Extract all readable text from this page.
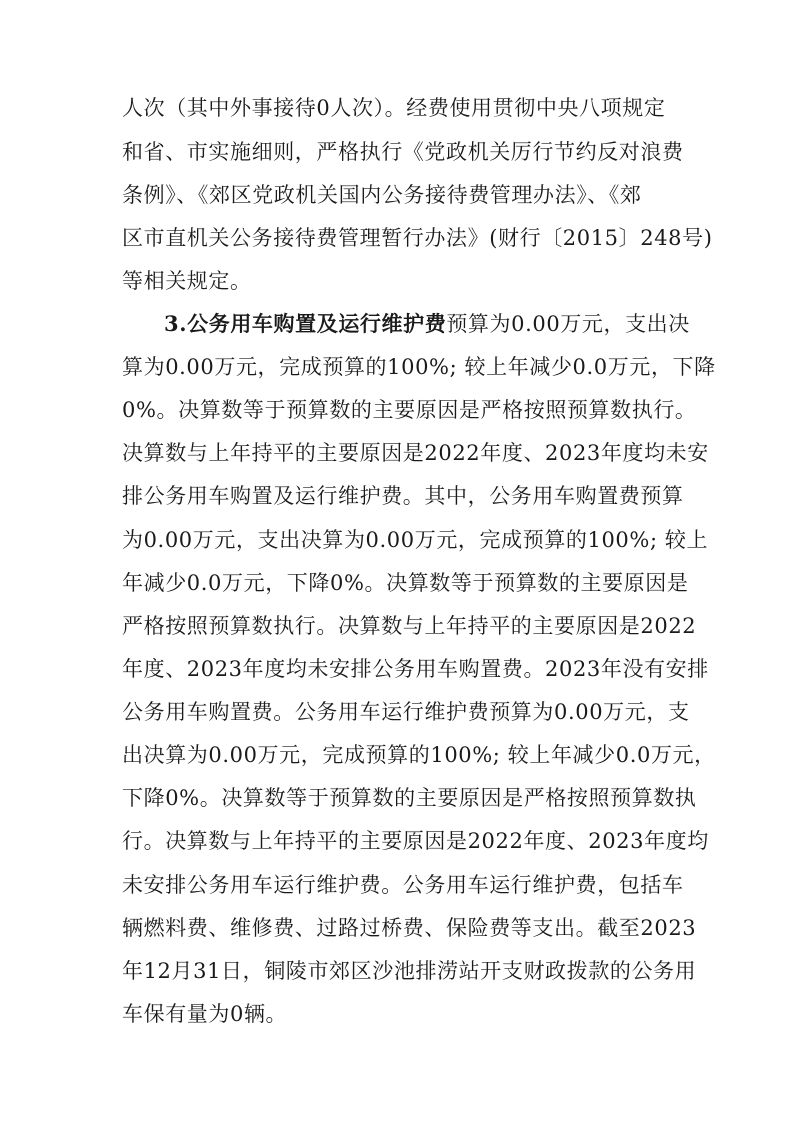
人次（其中外事接待0人次）。经费使用贯彻中央八项规定
和省、市实施细则，严格执行《党政机关厉行节约反对浪费
条例》、《郊区党政机关国内公务接待费管理办法》、《郊
区市直机关公务接待费管理暂行办法》(财行〔2015〕248号)
等相关规定。
3.公务用车购置及运行维护费预算为0.00万元，支出决
算为0.00万元，完成预算的100%; 较上年减少0.0万元，下降
0%。决算数等于预算数的主要原因是严格按照预算数执行。
决算数与上年持平的主要原因是2022年度、2023年度均未安
排公务用车购置及运行维护费。其中，公务用车购置费预算
为0.00万元，支出决算为0.00万元，完成预算的100%; 较上
年减少0.0万元，下降0%。决算数等于预算数的主要原因是
严格按照预算数执行。决算数与上年持平的主要原因是2022
年度、2023年度均未安排公务用车购置费。2023年没有安排
公务用车购置费。公务用车运行维护费预算为0.00万元，支
出决算为0.00万元，完成预算的100%; 较上年减少0.0万元，
下降0%。决算数等于预算数的主要原因是严格按照预算数执
行。决算数与上年持平的主要原因是2022年度、2023年度均
未安排公务用车运行维护费。公务用车运行维护费，包括车
辆燃料费、维修费、过路过桥费、保险费等支出。截至2023
年12月31日，铜陵市郊区沙池排涝站开支财政拨款的公务用
车保有量为0辆。
